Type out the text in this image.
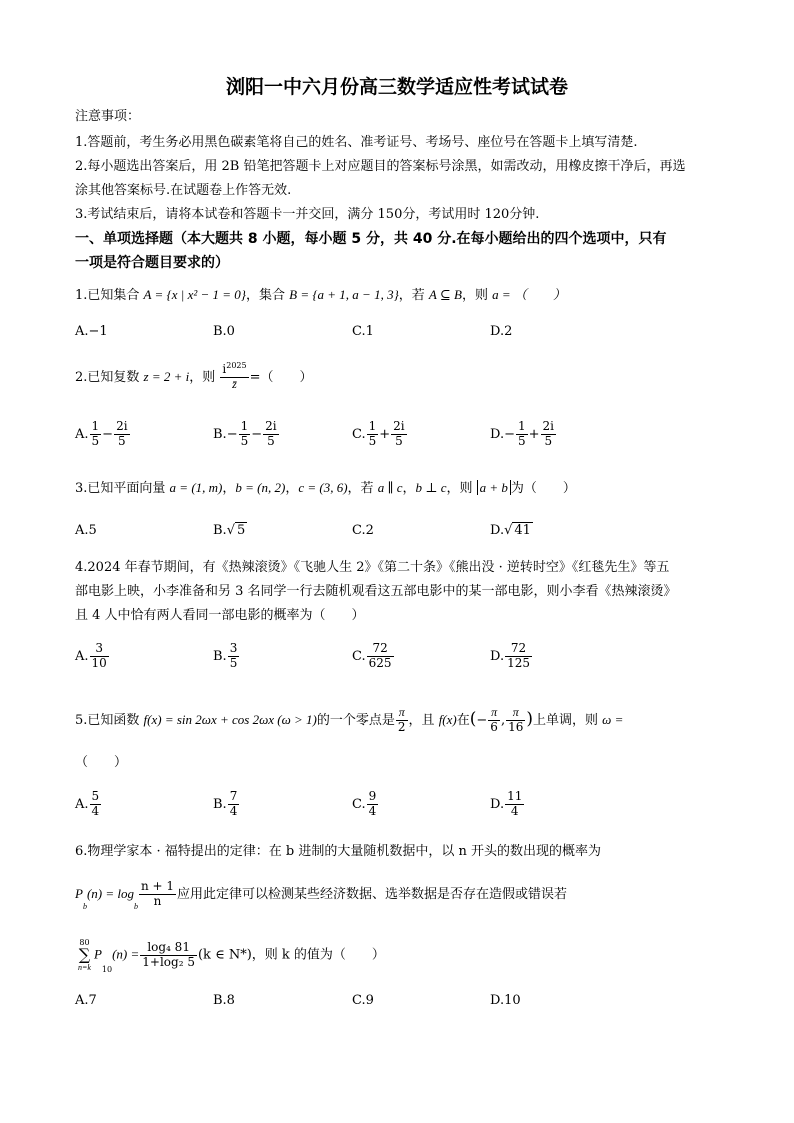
浏阳一中六月份高三数学适应性考试试卷
注意事项：
1.答题前，考生务必用黑色碳素笔将自己的姓名、准考证号、考场号、座位号在答题卡上填写清楚.
2.每小题选出答案后，用 2B 铅笔把答题卡上对应题目的答案标号涂黑，如需改动，用橡皮擦干净后，再选
涂其他答案标号.在试题卷上作答无效.
3.考试结束后，请将本试卷和答题卡一并交回，满分 150分，考试用时 120分钟.
一、单项选择题（本大题共 8 小题，每小题 5 分，共 40 分.在每小题给出的四个选项中，只有
一项是符合题目要求的）
1.已知集合 A = {x | x² − 1 = 0}，集合 B = {a + 1, a − 1, 3}，若 A ⊆ B，则 a = （　　）
A.−1	B.0	C.1	D.2
2.已知复数 z = 2 + i，则 $\frac{i^{2025}}{z̄}$ =（　　）
A. $\frac{1}{5} - \frac{2i}{5}$	$B.- \frac{1}{5} - \frac{2i}{5}$	C. $\frac{1}{5} + \frac{2i}{5}$	$D.- \frac{1}{5} + \frac{2i}{5}$
3.已知平面向量 a = (1, m)，b = (n, 2)，c = (3, 6)，若 a ∥ c，b ⊥ c，则 a + b 为（　　）
A.5	B.√ 5	C.2	D.√ 41
4.2024 年春节期间，有《热辣滚烫》《飞驰人生 2》《第二十条》《熊出没 · 逆转时空》《红毯先生》等五
部电影上映，小李准备和另 3 名同学一行去随机观看这五部电影中的某一部电影，则小李看《热辣滚烫》
且 4 人中恰有两人看同一部电影的概率为（　　）
A. $\frac{3}{10}$	B. $\frac{3}{5}$	C. $\frac{72}{625}$	D. $\frac{72}{125}$
5.已知函数 f(x) = sin 2ωx + cos 2ωx (ω > 1)的一个零点是 $\frac{\pi}{2}$ ，且 f(x)在(− $\frac{\pi}{6}$ , $\frac{\pi}{16}$ )上单调，则 ω =
（　　）
A. $\frac{5}{4}$	B. $\frac{7}{4}$	C. $\frac{9}{4}$	D. $\frac{11}{4}$
6.物理学家本 · 福特提出的定律：在 b 进制的大量随机数据中，以 n 开头的数出现的概率为
Pb(n) = logb $\frac{n + 1}{n}$ 应用此定律可以检测某些经济数据、选举数据是否存在造假或错误若
80
∑
n=k
$P10(n) = \frac{\text{log₄ 81}}{\text{1+log₂ 5}} (k$ ∈ N*)，则 k 的值为（　　）
A.7	B.8	C.9	D.10
